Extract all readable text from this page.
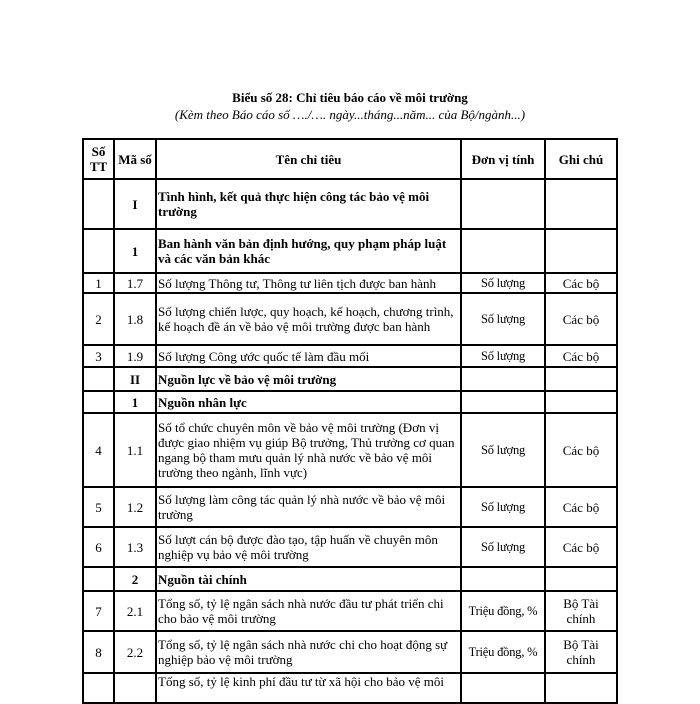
Biểu số 28: Chỉ tiêu báo cáo về môi trường
(Kèm theo Báo cáo số …./…. ngày...tháng...năm... của Bộ/ngành...)
Số TT	Mã số	Tên chỉ tiêu	Đơn vị tính	Ghi chú
	I	Tình hình, kết quả thực hiện công tác bảo vệ môi trường		
	1	Ban hành văn bản định hướng, quy phạm pháp luật và các văn bản khác		
1	1.7	Số lượng Thông tư, Thông tư liên tịch được ban hành	Số lượng	Các bộ
2	1.8	Số lượng chiến lược, quy hoạch, kế hoạch, chương trình, kế hoạch đề án về bảo vệ môi trường được ban hành	Số lượng	Các bộ
3	1.9	Số lượng Công ước quốc tế làm đầu mối	Số lượng	Các bộ
	II	Nguồn lực về bảo vệ môi trường		
	1	Nguồn nhân lực		
4	1.1	Số tổ chức chuyên môn về bảo vệ môi trường (Đơn vị được giao nhiệm vụ giúp Bộ trưởng, Thủ trưởng cơ quan ngang bộ tham mưu quản lý nhà nước về bảo vệ môi trường theo ngành, lĩnh vực)	Số lượng	Các bộ
5	1.2	Số lượng làm công tác quản lý nhà nước về bảo vệ môi trường	Số lượng	Các bộ
6	1.3	Số lượt cán bộ được đào tạo, tập huấn về chuyên môn nghiệp vụ bảo vệ môi trường	Số lượng	Các bộ
	2	Nguồn tài chính		
7	2.1	Tổng số, tỷ lệ ngân sách nhà nước đầu tư phát triển chi cho bảo vệ môi trường	Triệu đồng, %	Bộ Tài chính
8	2.2	Tổng số, tỷ lệ ngân sách nhà nước chi cho hoạt động sự nghiệp bảo vệ môi trường	Triệu đồng, %	Bộ Tài chính
		Tổng số, tỷ lệ kinh phí đầu tư từ xã hội cho bảo vệ môi		
